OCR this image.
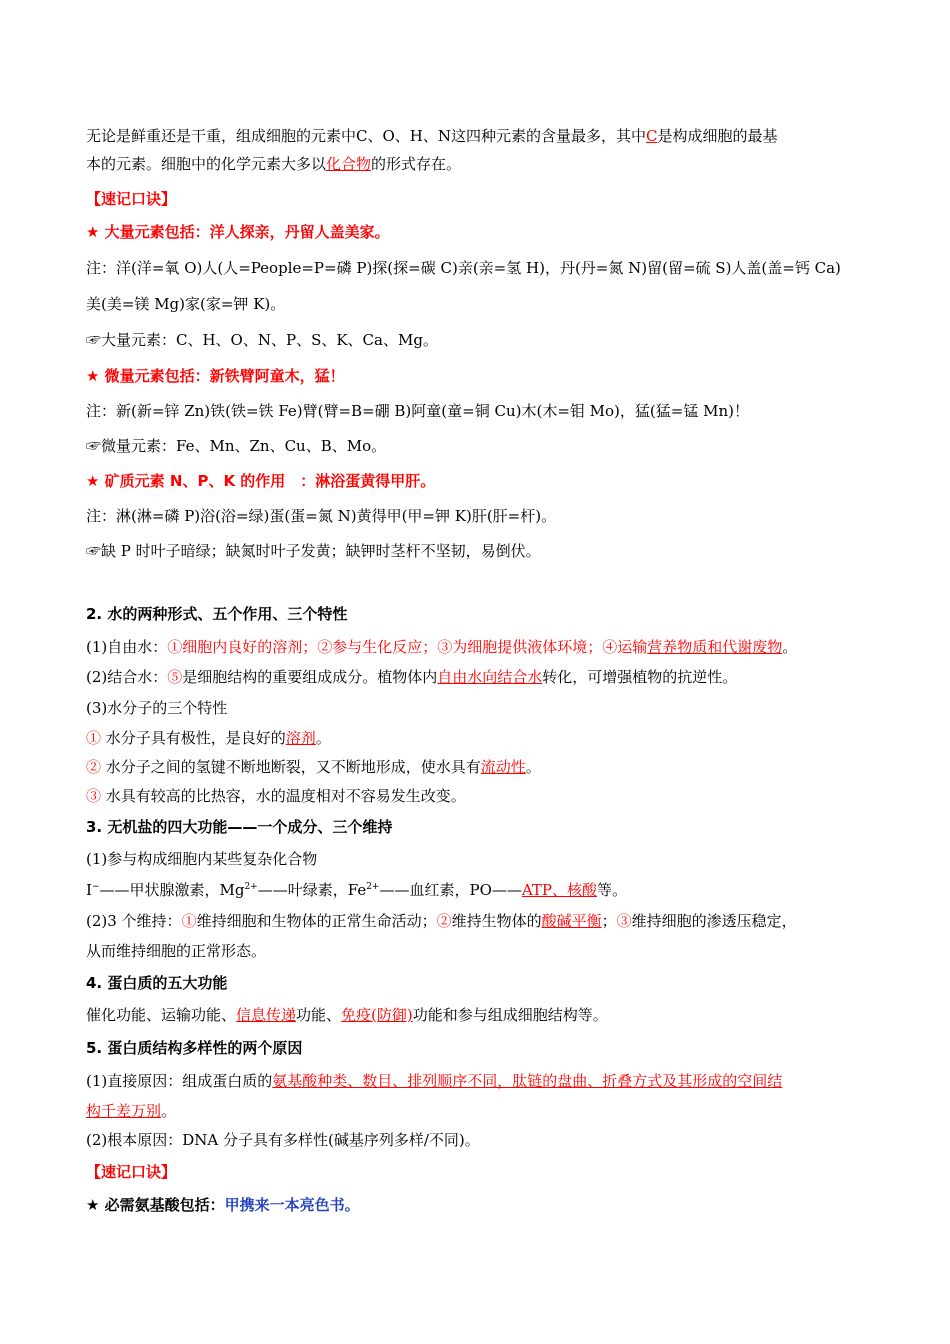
无论是鲜重还是干重，组成细胞的元素中C、O、H、N这四种元素的含量最多，其中C是构成细胞的最基
本的元素。细胞中的化学元素大多以化合物的形式存在。
【速记口诀】
★ 大量元素包括：洋人探亲，丹留人盖美家。
注：洋(洋=氧 O)人(人=People=P=磷 P)探(探=碳 C)亲(亲=氢 H)，丹(丹=氮 N)留(留=硫 S)人盖(盖=钙 Ca)
美(美=镁 Mg)家(家=钾 K)。
☞大量元素：C、H、O、N、P、S、K、Ca、Mg。
★ 微量元素包括：新铁臂阿童木，猛！
注：新(新=锌 Zn)铁(铁=铁 Fe)臂(臂=B=硼 B)阿童(童=铜 Cu)木(木=钼 Mo)，猛(猛=锰 Mn)！
☞微量元素：Fe、Mn、Zn、Cu、B、Mo。
★ 矿质元素 N、P、K 的作用　：淋浴蛋黄得甲肝。
注：淋(淋=磷 P)浴(浴=绿)蛋(蛋=氮 N)黄得甲(甲=钾 K)肝(肝=杆)。
☞缺 P 时叶子暗绿；缺氮时叶子发黄；缺钾时茎杆不坚韧，易倒伏。
2. 水的两种形式、五个作用、三个特性
(1)自由水：①细胞内良好的溶剂；②参与生化反应；③为细胞提供液体环境；④运输营养物质和代谢废物。
(2)结合水：⑤是细胞结构的重要组成成分。植物体内自由水向结合水转化，可增强植物的抗逆性。
(3)水分子的三个特性
① 水分子具有极性，是良好的溶剂。
② 水分子之间的氢键不断地断裂，又不断地形成，使水具有流动性。
③ 水具有较高的比热容，水的温度相对不容易发生改变。
3. 无机盐的四大功能——一个成分、三个维持
(1)参与构成细胞内某些复杂化合物
I−——甲状腺激素，$Mg^{2+}——$叶绿素，$Fe^{2+}——$血红素，PO——ATP、核酸等。
(2)3 个维持：①维持细胞和生物体的正常生命活动；②维持生物体的酸碱平衡；③维持细胞的渗透压稳定，
从而维持细胞的正常形态。
4. 蛋白质的五大功能
催化功能、运输功能、信息传递功能、免疫(防御)功能和参与组成细胞结构等。
5. 蛋白质结构多样性的两个原因
(1)直接原因：组成蛋白质的氨基酸种类、数目、排列顺序不同，肽链的盘曲、折叠方式及其形成的空间结
构千差万别。
(2)根本原因：DNA 分子具有多样性(碱基序列多样/不同)。
【速记口诀】
★ 必需氨基酸包括：甲携来一本亮色书。
